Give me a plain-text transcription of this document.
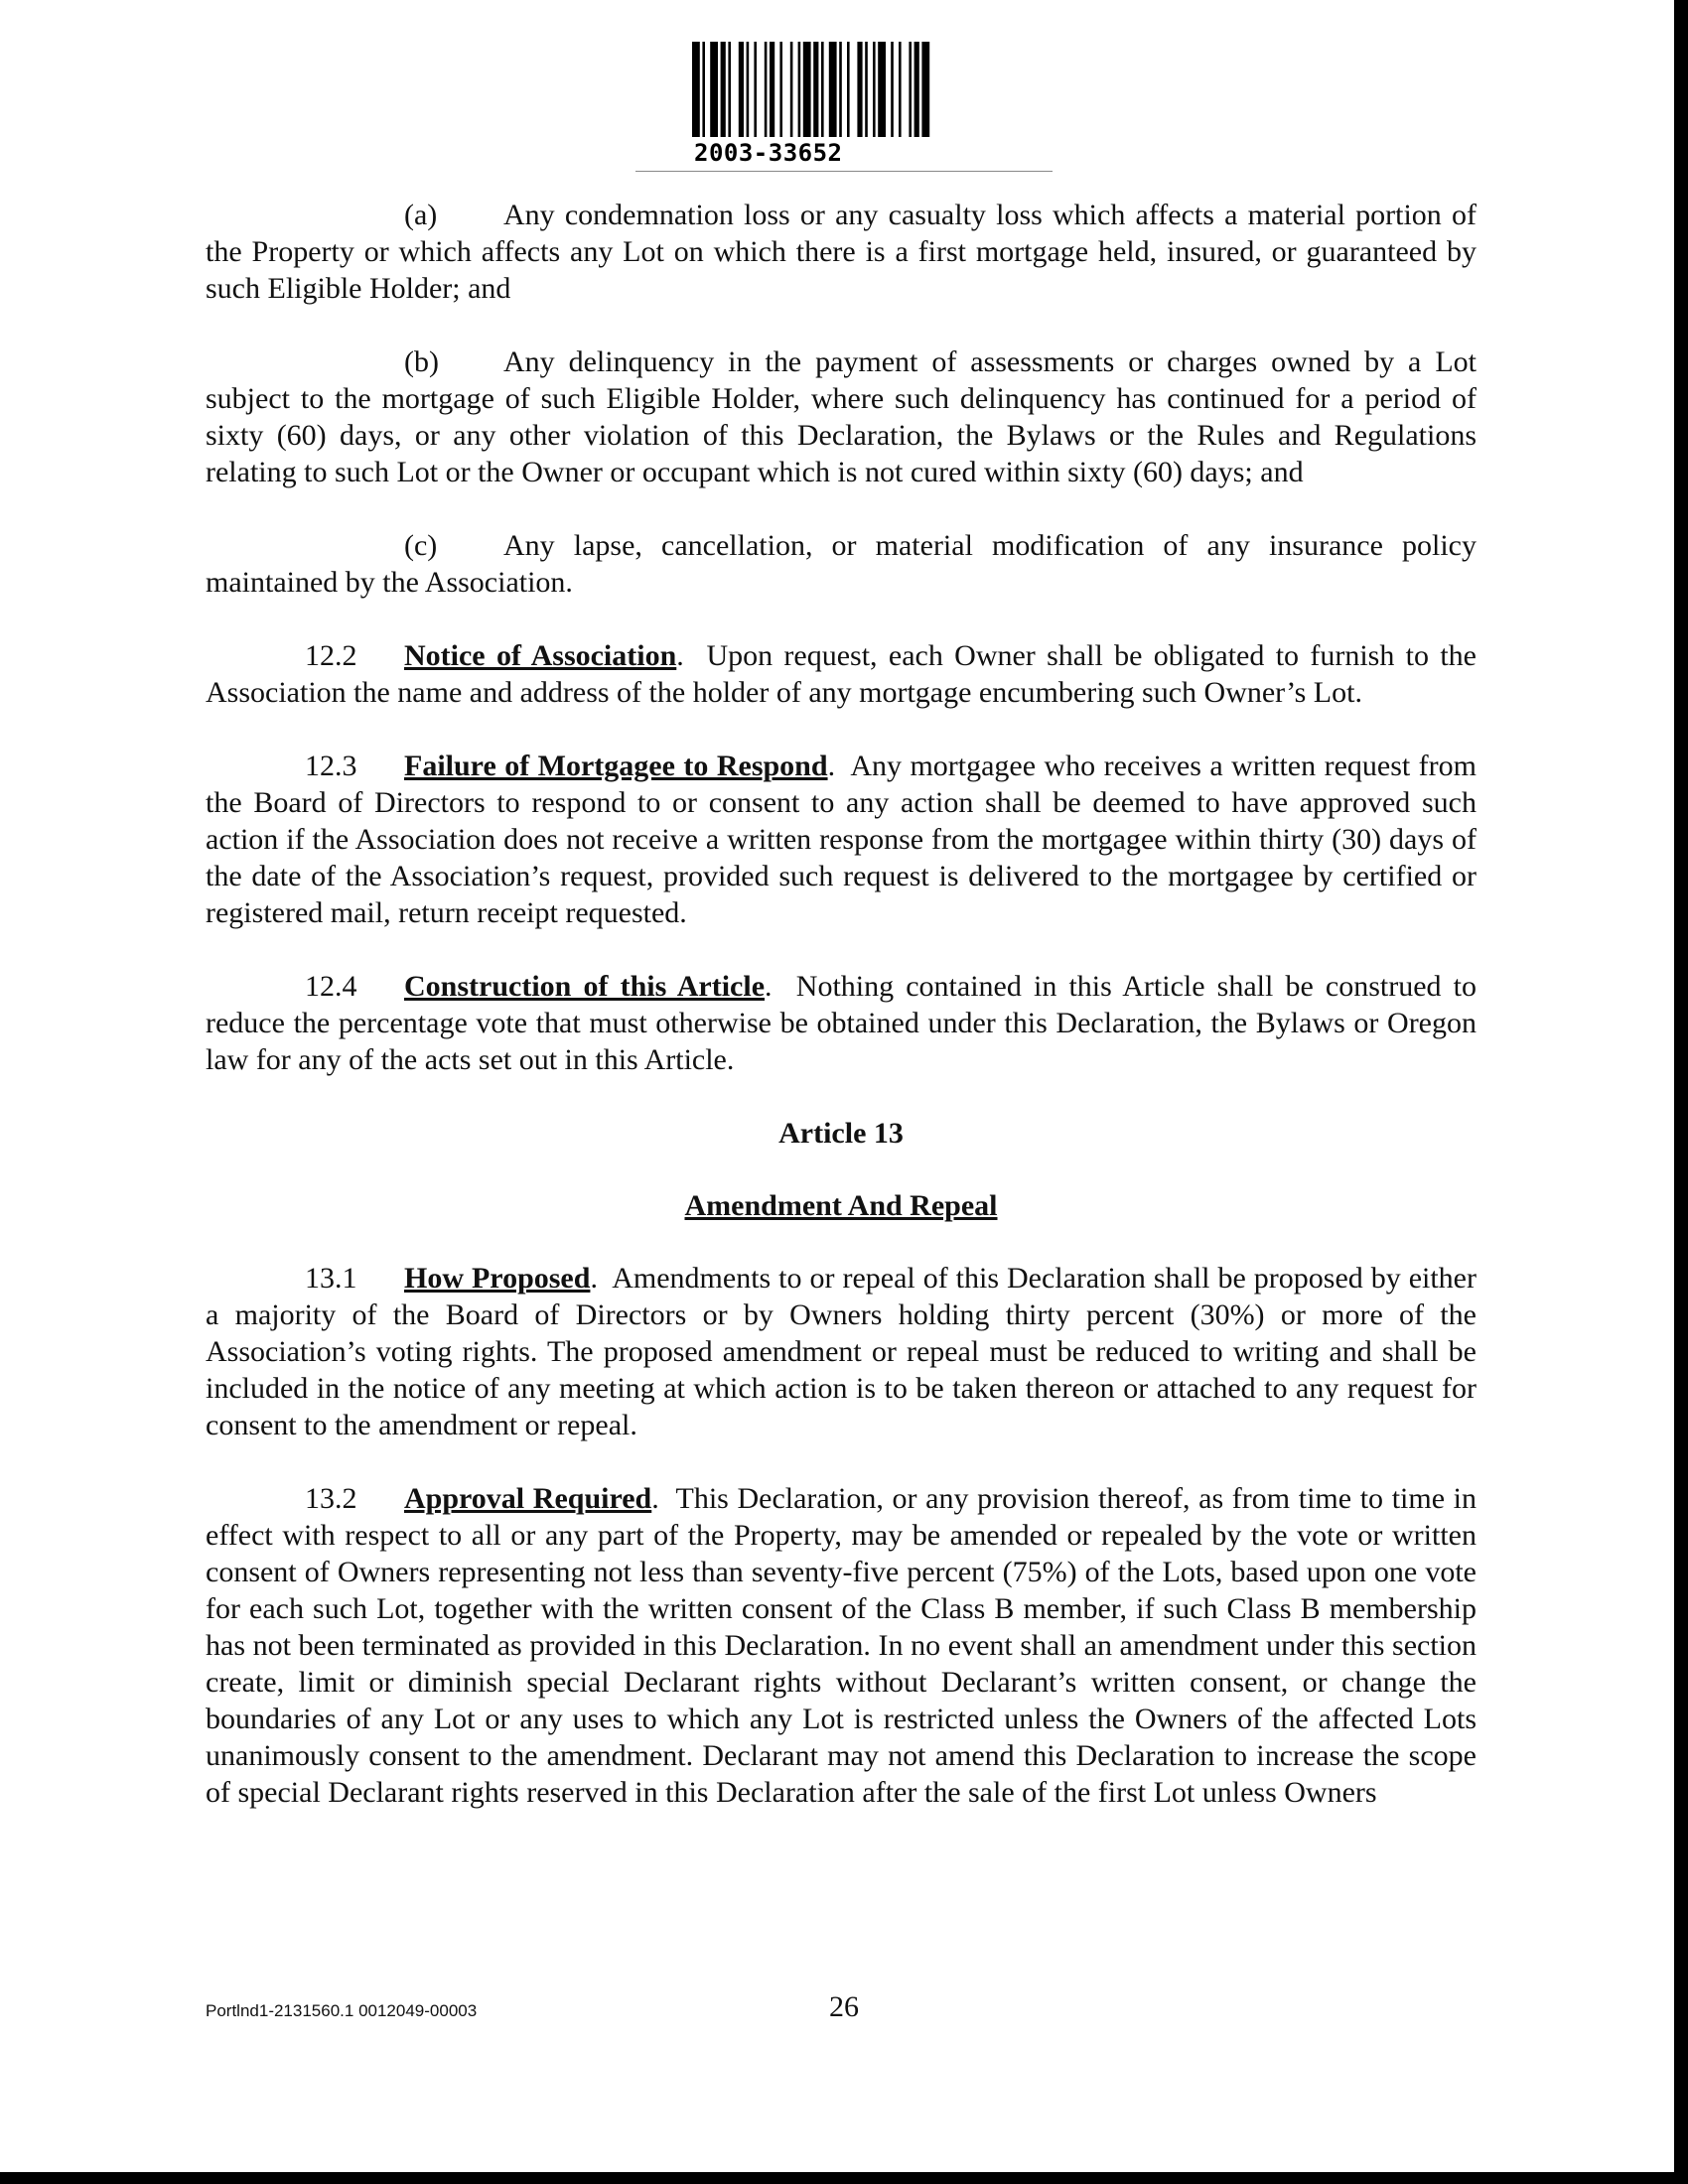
2003-33652

(a) Any condemnation loss or any casualty loss which affects a material portion of the Property or which affects any Lot on which there is a first mortgage held, insured, or guaranteed by such Eligible Holder; and

(b) Any delinquency in the payment of assessments or charges owned by a Lot subject to the mortgage of such Eligible Holder, where such delinquency has continued for a period of sixty (60) days, or any other violation of this Declaration, the Bylaws or the Rules and Regulations relating to such Lot or the Owner or occupant which is not cured within sixty (60) days; and

(c) Any lapse, cancellation, or material modification of any insurance policy maintained by the Association.

12.2 Notice of Association.  Upon request, each Owner shall be obligated to furnish to the Association the name and address of the holder of any mortgage encumbering such Owner’s Lot.

12.3 Failure of Mortgagee to Respond.  Any mortgagee who receives a written request from the Board of Directors to respond to or consent to any action shall be deemed to have approved such action if the Association does not receive a written response from the mortgagee within thirty (30) days of the date of the Association’s request, provided such request is delivered to the mortgagee by certified or registered mail, return receipt requested.

12.4 Construction of this Article.  Nothing contained in this Article shall be construed to reduce the percentage vote that must otherwise be obtained under this Declaration, the Bylaws or Oregon law for any of the acts set out in this Article.

Article 13
Amendment And Repeal

13.1 How Proposed.  Amendments to or repeal of this Declaration shall be proposed by either a majority of the Board of Directors or by Owners holding thirty percent (30%) or more of the Association’s voting rights. The proposed amendment or repeal must be reduced to writing and shall be included in the notice of any meeting at which action is to be taken thereon or attached to any request for consent to the amendment or repeal.

13.2 Approval Required.  This Declaration, or any provision thereof, as from time to time in effect with respect to all or any part of the Property, may be amended or repealed by the vote or written consent of Owners representing not less than seventy-five percent (75%) of the Lots, based upon one vote for each such Lot, together with the written consent of the Class B member, if such Class B membership has not been terminated as provided in this Declaration. In no event shall an amendment under this section create, limit or diminish special Declarant rights without Declarant’s written consent, or change the boundaries of any Lot or any uses to which any Lot is restricted unless the Owners of the affected Lots unanimously consent to the amendment. Declarant may not amend this Declaration to increase the scope of special Declarant rights reserved in this Declaration after the sale of the first Lot unless Owners

Portlnd1-2131560.1 0012049-00003	26
